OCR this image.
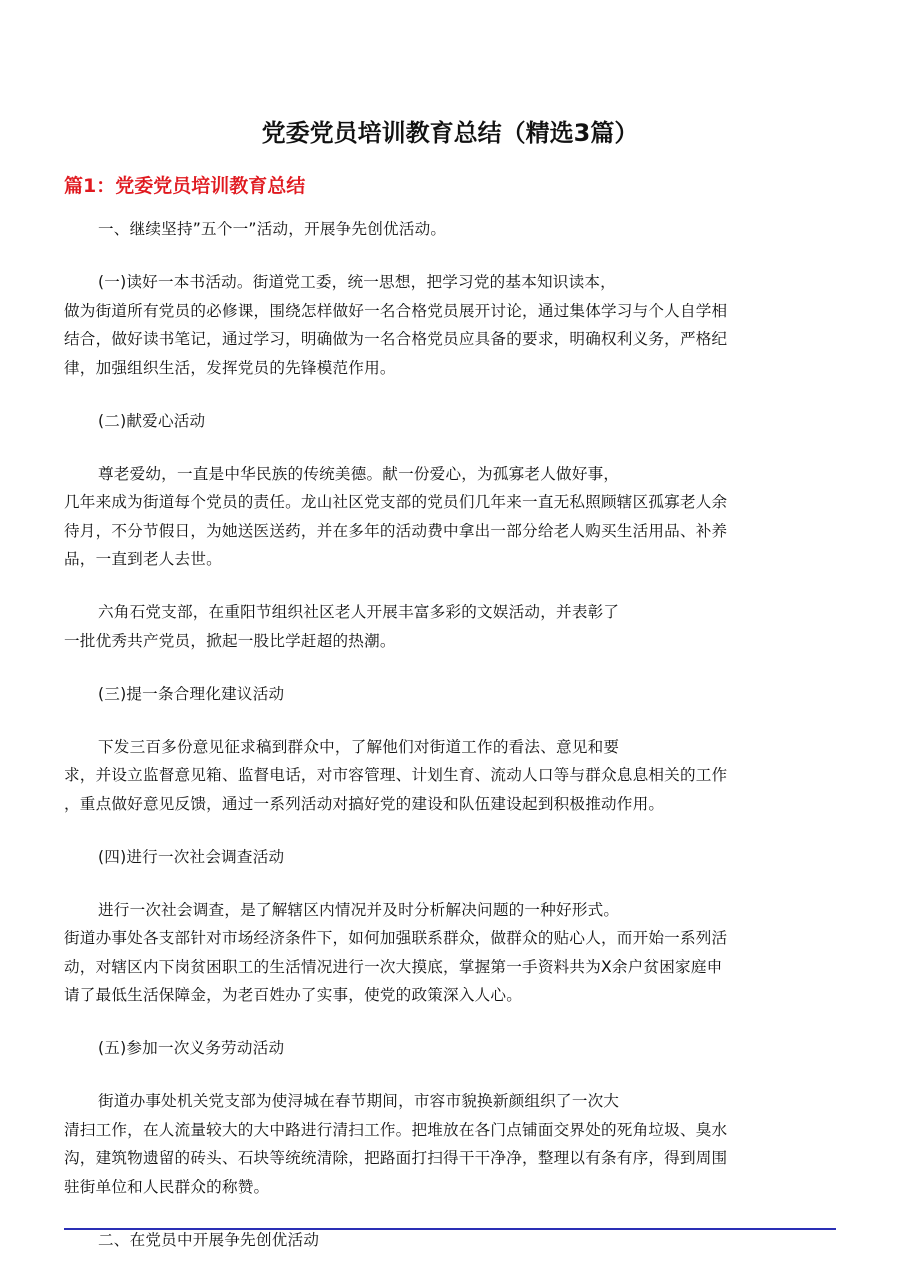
党委党员培训教育总结（精选3篇）
篇1：党委党员培训教育总结

一、继续坚持”五个一”活动，开展争先创优活动。

(一)读好一本书活动。街道党工委，统一思想，把学习党的基本知识读本，
做为街道所有党员的必修课，围绕怎样做好一名合格党员展开讨论，通过集体学习与个人自学相
结合，做好读书笔记，通过学习，明确做为一名合格党员应具备的要求，明确权利义务，严格纪
律，加强组织生活，发挥党员的先锋模范作用。

(二)献爱心活动

尊老爱幼，一直是中华民族的传统美德。献一份爱心，为孤寡老人做好事，
几年来成为街道每个党员的责任。龙山社区党支部的党员们几年来一直无私照顾辖区孤寡老人余
待月，不分节假日，为她送医送药，并在多年的活动费中拿出一部分给老人购买生活用品、补养
品，一直到老人去世。

六角石党支部，在重阳节组织社区老人开展丰富多彩的文娱活动，并表彰了
一批优秀共产党员，掀起一股比学赶超的热潮。

(三)提一条合理化建议活动

下发三百多份意见征求稿到群众中，了解他们对街道工作的看法、意见和要
求，并设立监督意见箱、监督电话，对市容管理、计划生育、流动人口等与群众息息相关的工作
，重点做好意见反馈，通过一系列活动对搞好党的建设和队伍建设起到积极推动作用。

(四)进行一次社会调查活动

进行一次社会调查，是了解辖区内情况并及时分析解决问题的一种好形式。
街道办事处各支部针对市场经济条件下，如何加强联系群众，做群众的贴心人，而开始一系列活
动，对辖区内下岗贫困职工的生活情况进行一次大摸底，掌握第一手资料共为X余户贫困家庭申
请了最低生活保障金，为老百姓办了实事，使党的政策深入人心。

(五)参加一次义务劳动活动

街道办事处机关党支部为使浔城在春节期间，市容市貌换新颜组织了一次大
清扫工作，在人流量较大的大中路进行清扫工作。把堆放在各门点铺面交界处的死角垃圾、臭水
沟，建筑物遗留的砖头、石块等统统清除，把路面打扫得干干净净，整理以有条有序，得到周围
驻街单位和人民群众的称赞。

二、在党员中开展争先创优活动
